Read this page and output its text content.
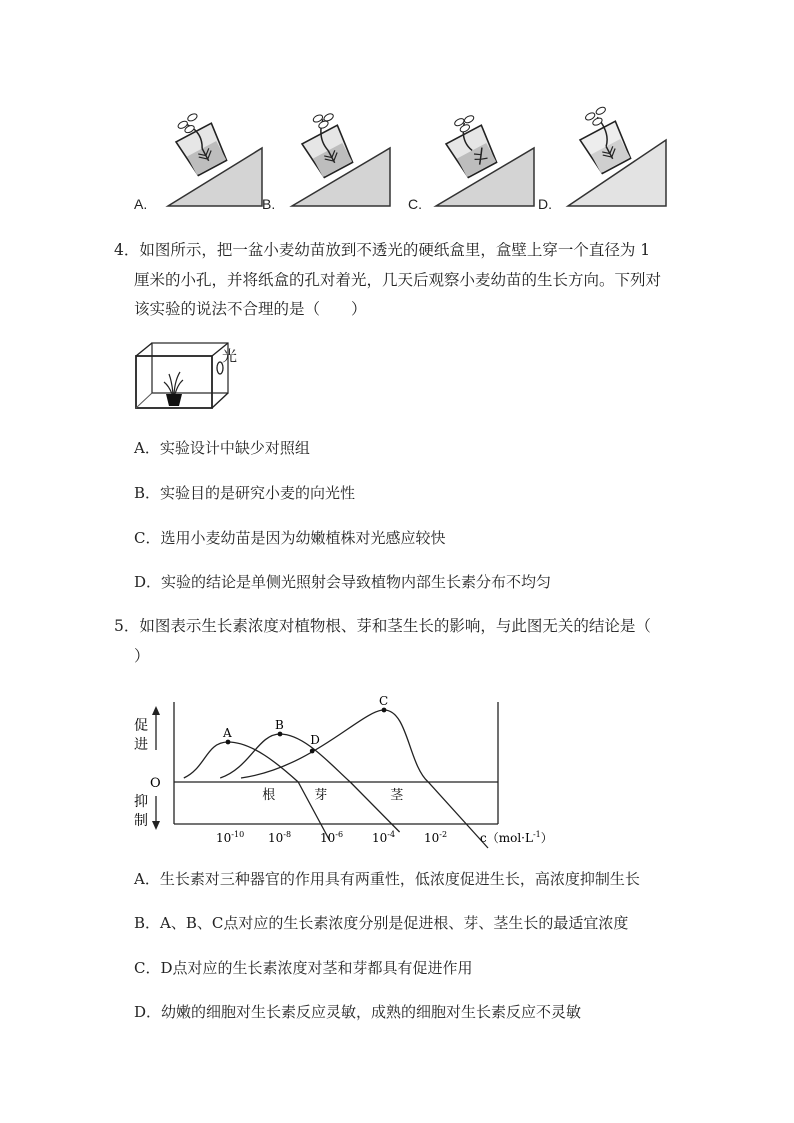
A.	B.	C.	D.
4．如图所示，把一盆小麦幼苗放到不透光的硬纸盒里，盒壁上穿一个直径为 1
厘米的小孔，并将纸盒的孔对着光，几天后观察小麦幼苗的生长方向。下列对
该实验的说法不合理的是（　　）
光
A．实验设计中缺少对照组
B．实验目的是研究小麦的向光性
C．选用小麦幼苗是因为幼嫩植株对光感应较快
D．实验的结论是单侧光照射会导致植物内部生长素分布不均匀
5．如图表示生长素浓度对植物根、芽和茎生长的影响，与此图无关的结论是（
）
促
进
O
抑
制
A
根
B
芽
C
茎
D
$10^{-10}$ $10^{-8}$ $10^{-6}$ $10^{-4}$ $10^{-2}$	$c(mol\cdot L^{-1})$
A．生长素对三种器官的作用具有两重性，低浓度促进生长，高浓度抑制生长
B．A、B、C点对应的生长素浓度分别是促进根、芽、茎生长的最适宜浓度
C．D点对应的生长素浓度对茎和芽都具有促进作用
D．幼嫩的细胞对生长素反应灵敏，成熟的细胞对生长素反应不灵敏
